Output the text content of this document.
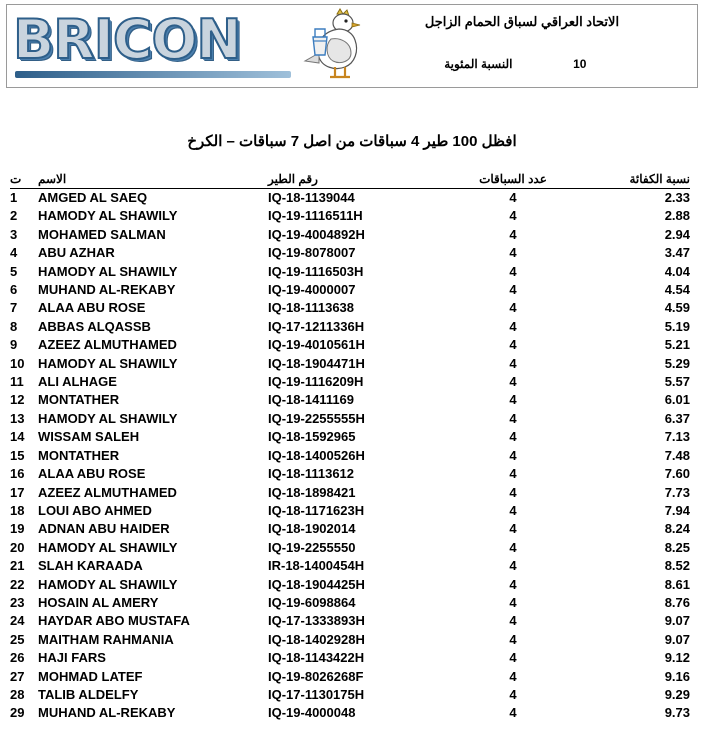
BRICON	الاتحاد العراقي لسباق الحمام الزاجل
10 النسبة المئوية
افظل 100 طير 4 سباقات من اصل 7 سباقات – الكرخ
ت	الاسم	رقم الطير	عدد السباقات	نسبة الكفائة
1	AMGED AL SAEQ	IQ-18-1139044	4	2.33
2	HAMODY AL SHAWILY	IQ-19-1116511H	4	2.88
3	MOHAMED SALMAN	IQ-19-4004892H	4	2.94
4	ABU AZHAR	IQ-19-8078007	4	3.47
5	HAMODY AL SHAWILY	IQ-19-1116503H	4	4.04
6	MUHAND AL-REKABY	IQ-19-4000007	4	4.54
7	ALAA ABU ROSE	IQ-18-1113638	4	4.59
8	ABBAS ALQASSB	IQ-17-1211336H	4	5.19
9	AZEEZ ALMUTHAMED	IQ-19-4010561H	4	5.21
10	HAMODY AL SHAWILY	IQ-18-1904471H	4	5.29
11	ALI ALHAGE	IQ-19-1116209H	4	5.57
12	MONTATHER	IQ-18-1411169	4	6.01
13	HAMODY AL SHAWILY	IQ-19-2255555H	4	6.37
14	WISSAM SALEH	IQ-18-1592965	4	7.13
15	MONTATHER	IQ-18-1400526H	4	7.48
16	ALAA ABU ROSE	IQ-18-1113612	4	7.60
17	AZEEZ ALMUTHAMED	IQ-18-1898421	4	7.73
18	LOUI ABO AHMED	IQ-18-1171623H	4	7.94
19	ADNAN ABU HAIDER	IQ-18-1902014	4	8.24
20	HAMODY AL SHAWILY	IQ-19-2255550	4	8.25
21	SLAH KARAADA	IR-18-1400454H	4	8.52
22	HAMODY AL SHAWILY	IQ-18-1904425H	4	8.61
23	HOSAIN AL AMERY	IQ-19-6098864	4	8.76
24	HAYDAR ABO MUSTAFA	IQ-17-1333893H	4	9.07
25	MAITHAM RAHMANIA	IQ-18-1402928H	4	9.07
26	HAJI FARS	IQ-18-1143422H	4	9.12
27	MOHMAD LATEF	IQ-19-8026268F	4	9.16
28	TALIB ALDELFY	IQ-17-1130175H	4	9.29
29	MUHAND AL-REKABY	IQ-19-4000048	4	9.73
